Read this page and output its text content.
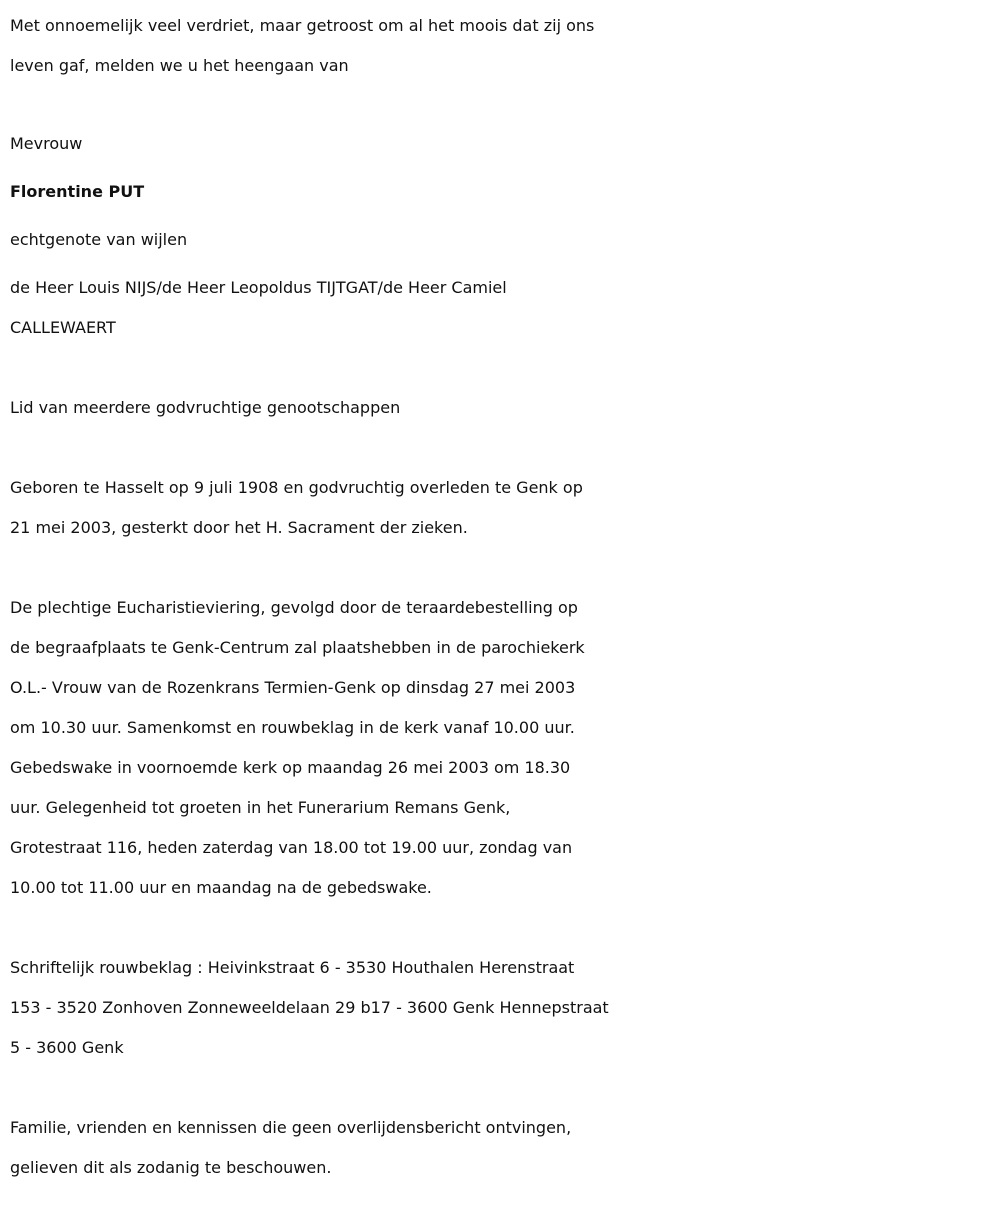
Met onnoemelijk veel verdriet, maar getroost om al het moois dat zij ons
leven gaf, melden we u het heengaan van
Mevrouw
Florentine PUT
echtgenote van wijlen
de Heer Louis NIJS/de Heer Leopoldus TIJTGAT/de Heer Camiel
CALLEWAERT
Lid van meerdere godvruchtige genootschappen
Geboren te Hasselt op 9 juli 1908 en godvruchtig overleden te Genk op
21 mei 2003, gesterkt door het H. Sacrament der zieken.
De plechtige Eucharistieviering, gevolgd door de teraardebestelling op
de begraafplaats te Genk-Centrum zal plaatshebben in de parochiekerk
O.L.- Vrouw van de Rozenkrans Termien-Genk op dinsdag 27 mei 2003
om 10.30 uur. Samenkomst en rouwbeklag in de kerk vanaf 10.00 uur.
Gebedswake in voornoemde kerk op maandag 26 mei 2003 om 18.30
uur. Gelegenheid tot groeten in het Funerarium Remans Genk,
Grotestraat 116, heden zaterdag van 18.00 tot 19.00 uur, zondag van
10.00 tot 11.00 uur en maandag na de gebedswake.
Schriftelijk rouwbeklag : Heivinkstraat 6 - 3530 Houthalen Herenstraat
153 - 3520 Zonhoven Zonneweeldelaan 29 b17 - 3600 Genk Hennepstraat
5 - 3600 Genk
Familie, vrienden en kennissen die geen overlijdensbericht ontvingen,
gelieven dit als zodanig te beschouwen.
